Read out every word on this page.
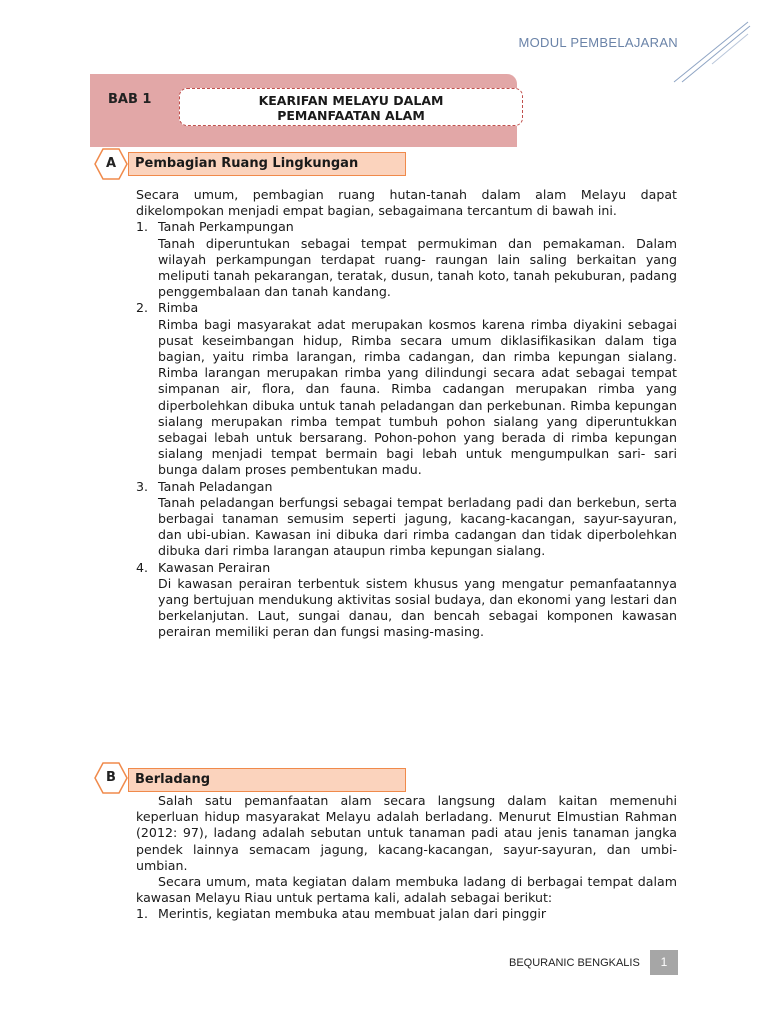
MODUL PEMBELAJARAN
BAB 1	KEARIFAN MELAYU DALAM
PEMANFAATAN ALAM
A	Pembagian Ruang Lingkungan

Secara umum, pembagian ruang hutan-tanah dalam alam Melayu dapat dikelompokan menjadi empat bagian, sebagaimana tercantum di bawah ini.

1. Tanah Perkampungan

Tanah diperuntukan sebagai tempat permukiman dan pemakaman. Dalam wilayah perkampungan terdapat ruang- raungan lain saling berkaitan yang meliputi tanah pekarangan, teratak, dusun, tanah koto, tanah pekuburan, padang penggembalaan dan tanah kandang.

2. Rimba

Rimba bagi masyarakat adat merupakan kosmos karena rimba diyakini sebagai pusat keseimbangan hidup, Rimba secara umum diklasifikasikan dalam tiga bagian, yaitu rimba larangan, rimba cadangan, dan rimba kepungan sialang. Rimba larangan merupakan rimba yang dilindungi secara adat sebagai tempat simpanan air, flora, dan fauna. Rimba cadangan merupakan rimba yang diperbolehkan dibuka untuk tanah peladangan dan perkebunan. Rimba kepungan sialang merupakan rimba tempat tumbuh pohon sialang yang diperuntukkan sebagai lebah untuk bersarang. Pohon-pohon yang berada di rimba kepungan sialang menjadi tempat bermain bagi lebah untuk mengumpulkan sari- sari bunga dalam proses pembentukan madu.

3. Tanah Peladangan

Tanah peladangan berfungsi sebagai tempat berladang padi dan berkebun, serta berbagai tanaman semusim seperti jagung, kacang-kacangan, sayur-sayuran, dan ubi-ubian. Kawasan ini dibuka dari rimba cadangan dan tidak diperbolehkan dibuka dari rimba larangan ataupun rimba kepungan sialang.

4. Kawasan Perairan

Di kawasan perairan terbentuk sistem khusus yang mengatur pemanfaatannya yang bertujuan mendukung aktivitas sosial budaya, dan ekonomi yang lestari dan berkelanjutan. Laut, sungai danau, dan bencah sebagai komponen kawasan perairan memiliki peran dan fungsi masing-masing.

B	Berladang

Salah satu pemanfaatan alam secara langsung dalam kaitan memenuhi keperluan hidup masyarakat Melayu adalah berladang. Menurut Elmustian Rahman (2012: 97), ladang adalah sebutan untuk tanaman padi atau jenis tanaman jangka pendek lainnya semacam jagung, kacang-kacangan, sayur-sayuran, dan umbi-umbian.

Secara umum, mata kegiatan dalam membuka ladang di berbagai tempat dalam kawasan Melayu Riau untuk pertama kali, adalah sebagai berikut:

1. Merintis, kegiatan membuka atau membuat jalan dari pinggir

BEQURANIC BENGKALIS	1
